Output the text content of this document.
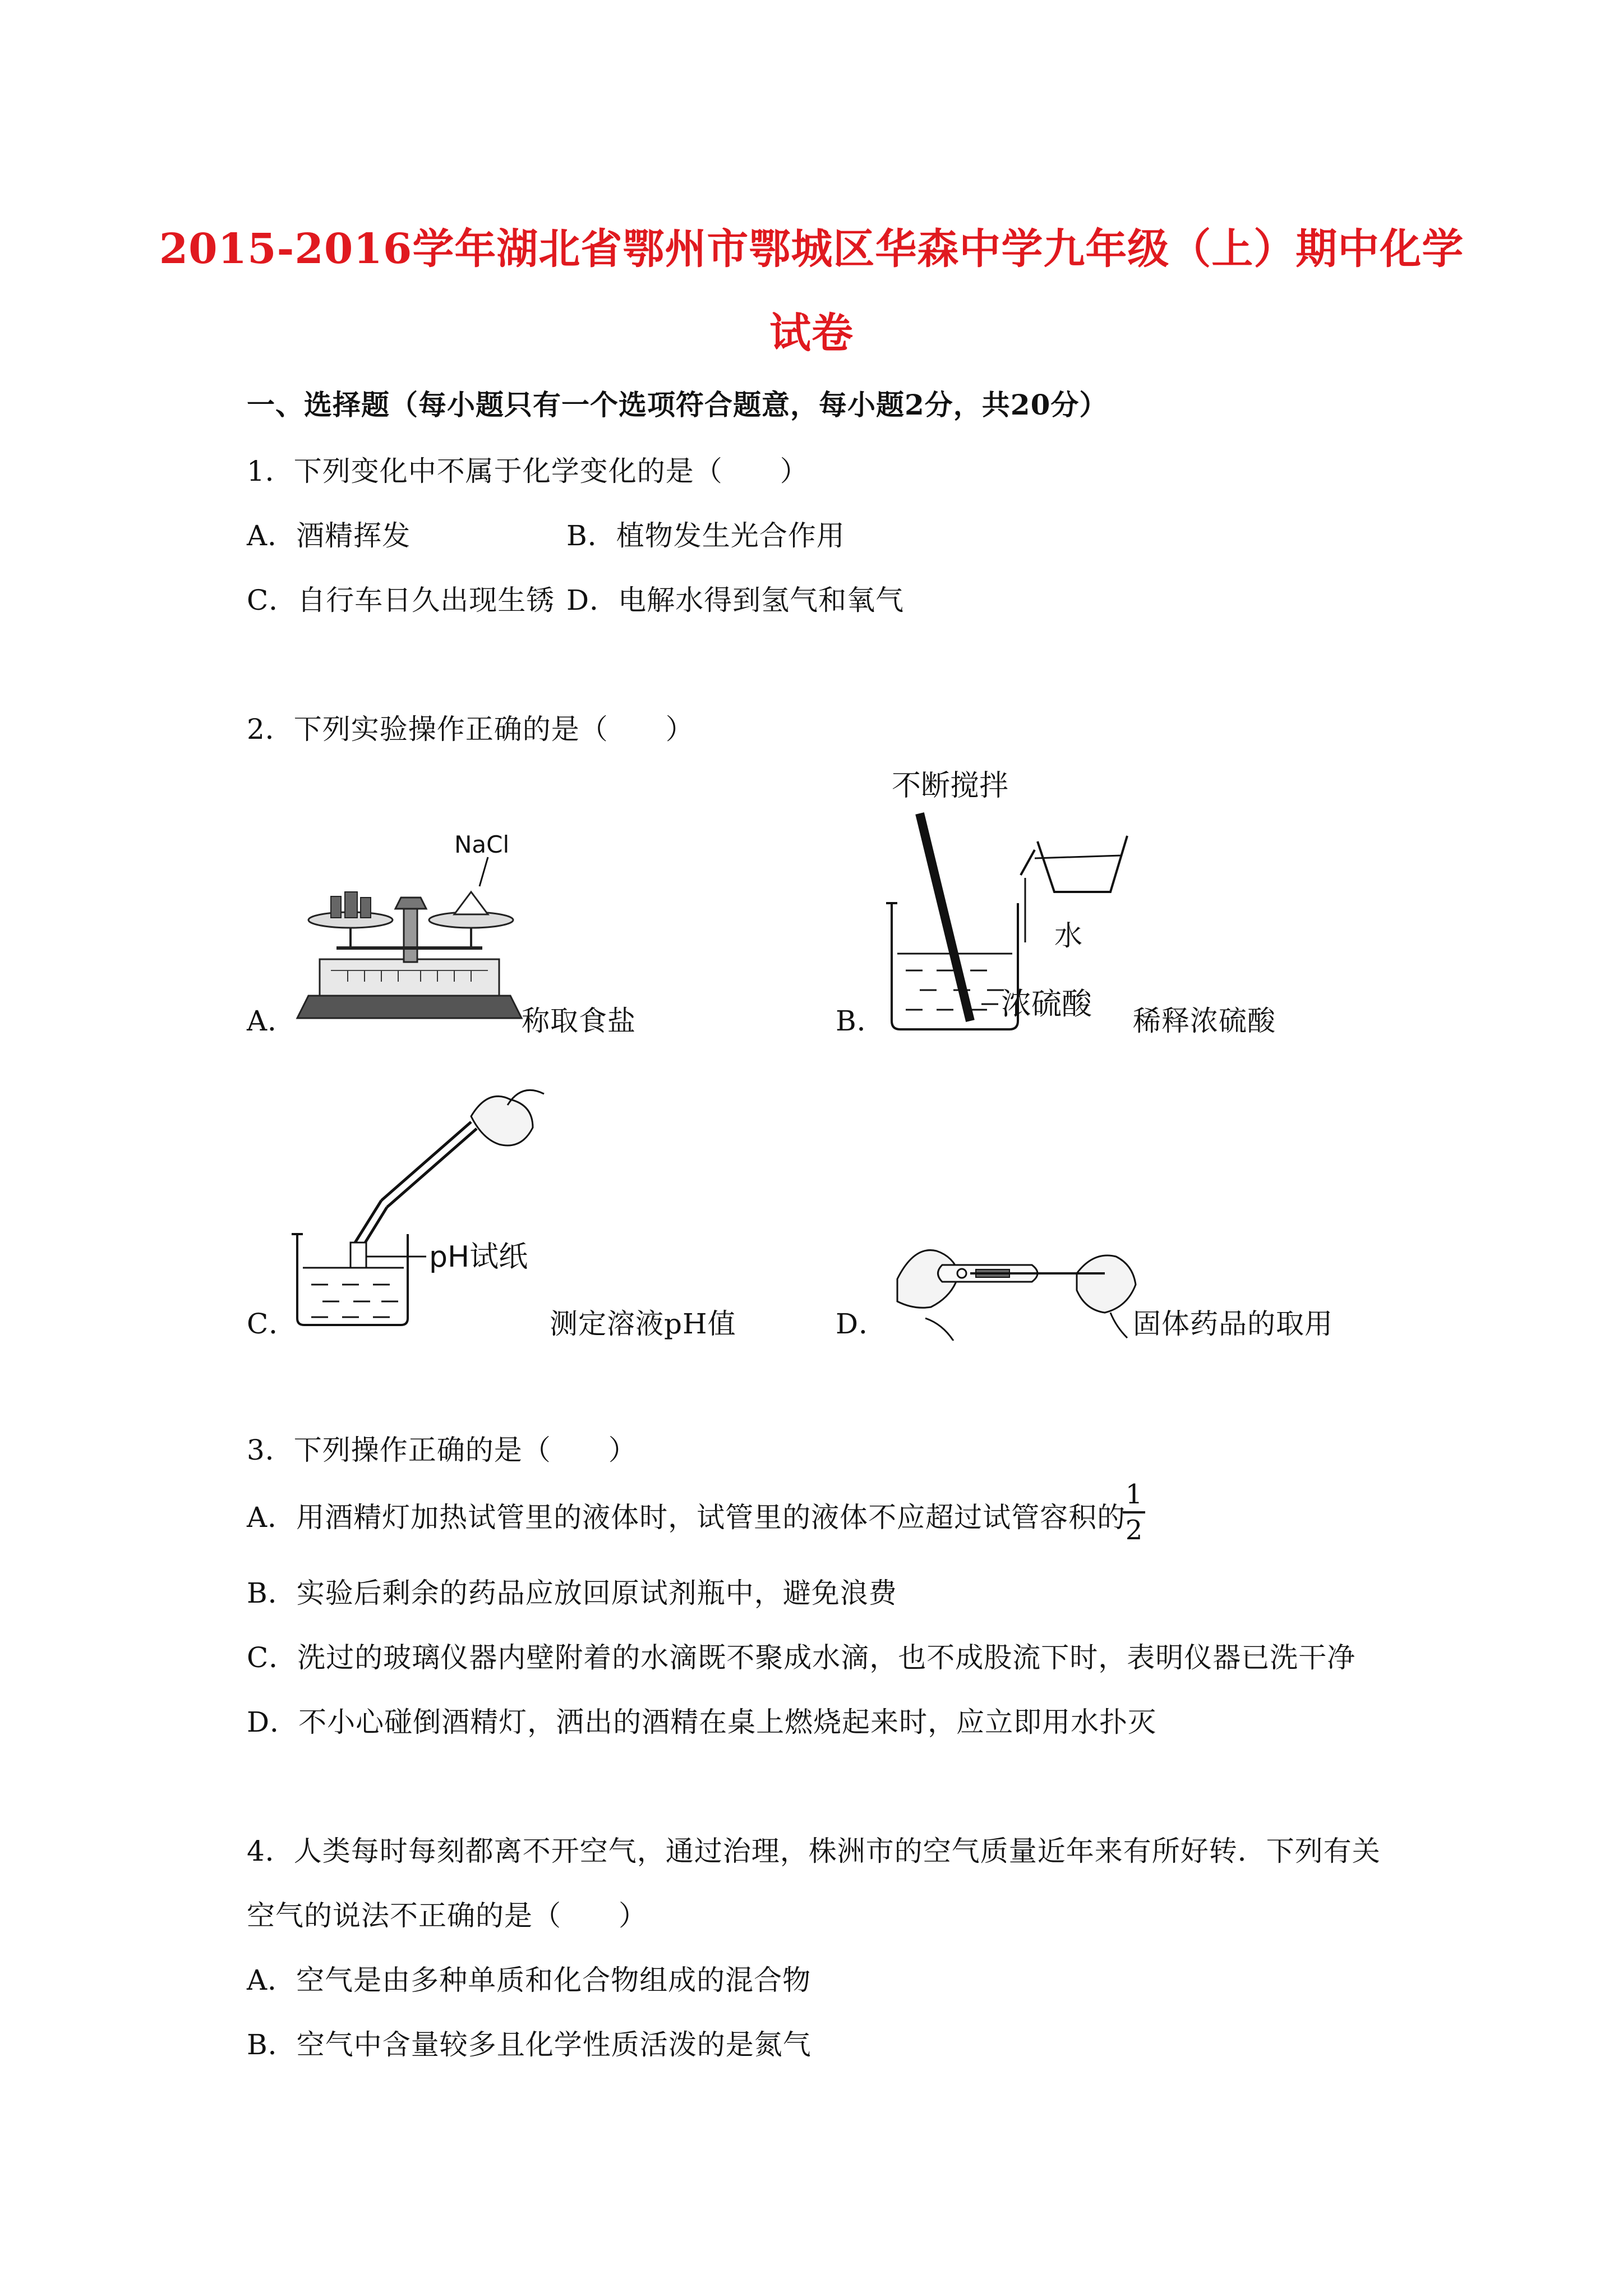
2015-2016学年湖北省鄂州市鄂城区华森中学九年级（上）期中化学
试卷
一、选择题（每小题只有一个选项符合题意，每小题2分，共20分）
1．下列变化中不属于化学变化的是（　　）
A．酒精挥发	B．植物发生光合作用
C．自行车日久出现生锈 D．电解水得到氢气和氧气
2．下列实验操作正确的是（　　）
A．
NaCl
称取食盐	B．
不断搅拌
水
浓硫酸 稀释浓硫酸
C．
pH试纸
测定溶液pH值	D．	固体药品的取用
3．下列操作正确的是（　　）
A．用酒精灯加热试管里的液体时，试管里的液体不应超过试管容积的
1
2
B．实验后剩余的药品应放回原试剂瓶中，避免浪费
C．洗过的玻璃仪器内壁附着的水滴既不聚成水滴，也不成股流下时，表明仪器已洗干净
D．不小心碰倒酒精灯，洒出的酒精在桌上燃烧起来时，应立即用水扑灭
4．人类每时每刻都离不开空气，通过治理，株洲市的空气质量近年来有所好转．下列有关
空气的说法不正确的是（　　）
A．空气是由多种单质和化合物组成的混合物
B．空气中含量较多且化学性质活泼的是氮气
